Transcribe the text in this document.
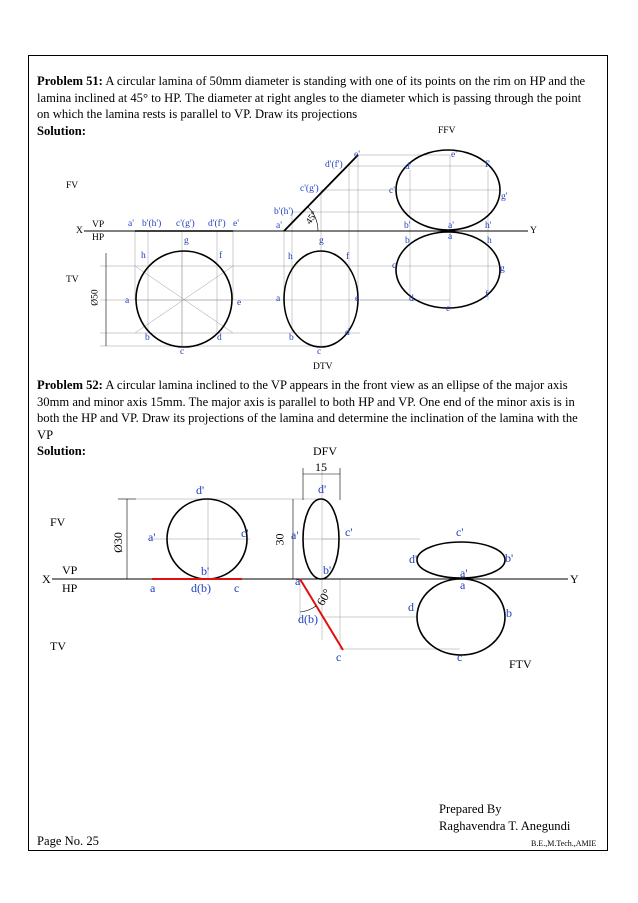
Problem 51: A circular lamina of 50mm diameter is standing with one of its points on the rim on HP and the lamina inclined at 45° to HP. The diameter at right angles to the diameter which is passing through the point on which the lamina rests is parallel to VP. Draw its projections
Solution:
Problem 52: A circular lamina inclined to the VP appears in the front view as an ellipse of the major axis 30mm and minor axis 15mm. The major axis is parallel to both HP and VP. One end of the minor axis is in both the HP and VP. Draw its projections of the lamina and determine the inclination of the lamina with the VP
Solution:
FFV
DTV
FV
TV
X	Y
VP
HP
Ø50
45°
a' b'(h') c'(g') d'(f') e'
g
h	f
a	e
b	d
c
e'
d'(f')
c'(g')
b'(h')
a'
g
h	f
a	e
b	d
c
e'
d'	f'
c'
g'
b'	a'	h'
a
b	h
c	g
d	f
e
DFV
15
30
Ø30
60°
FV
TV
FTV
X	Y
VP
HP
d'
a'	c'
b'
a	d(b) c
d'
a'	c'
b'
a
d(b)
c
c'
d'	b'
a'
a
d	b
c
Prepared By
Raghavendra T. Anegundi
Page No. 25	B.E.,M.Tech.,AMIE
